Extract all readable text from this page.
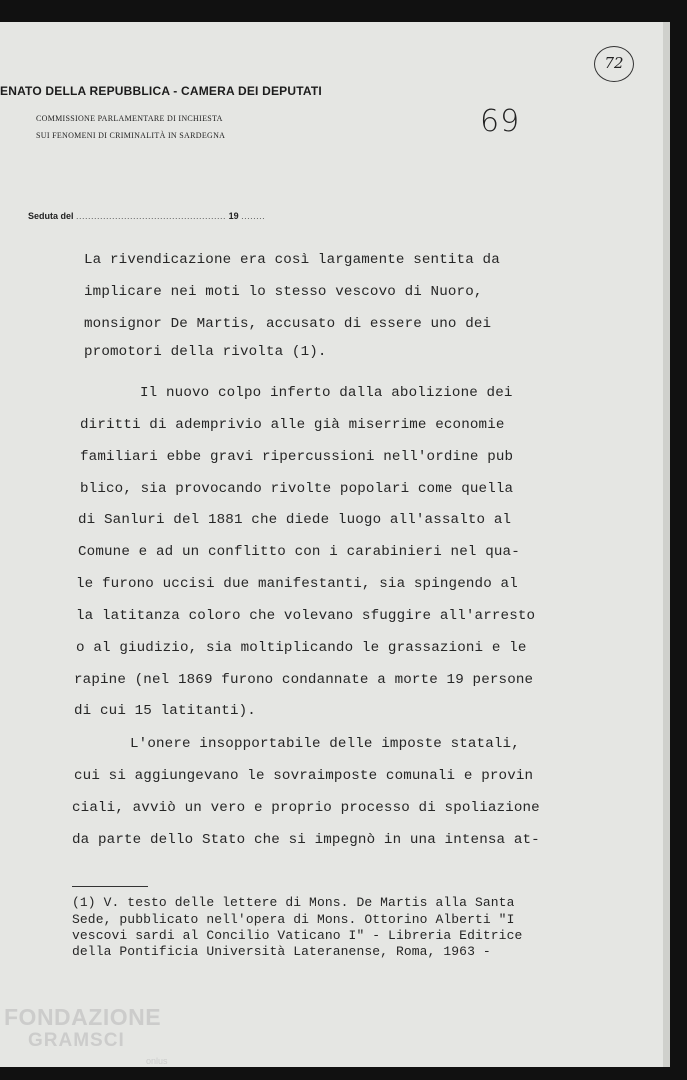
ENATO DELLA REPUBBLICA - CAMERA DEI DEPUTATI
COMMISSIONE PARLAMENTARE DI INCHIESTA
SUI FENOMENI DI CRIMINALITÀ IN SARDEGNA	69
72
Seduta del .................................................. 19 ........
La rivendicazione era così largamente sentita da
implicare nei moti lo stesso vescovo di Nuoro,
monsignor De Martis, accusato di essere uno dei
promotori della rivolta (1).
Il nuovo colpo inferto dalla abolizione dei
diritti di ademprivio alle già miserrime economie
familiari ebbe gravi ripercussioni nell'ordine pub
blico, sia provocando rivolte popolari come quella
di Sanluri del 1881 che diede luogo all'assalto al
Comune e ad un conflitto con i carabinieri nel qua-
le furono uccisi due manifestanti, sia spingendo al
la latitanza coloro che volevano sfuggire all'arresto
o al giudizio, sia moltiplicando le grassazioni e le
rapine (nel 1869 furono condannate a morte 19 persone
di cui 15 latitanti).
L'onere insopportabile delle imposte statali,
cui si aggiungevano le sovraimposte comunali e provin
ciali, avviò un vero e proprio processo di spoliazione
da parte dello Stato che si impegnò in una intensa at-
(1) V. testo delle lettere di Mons. De Martis alla Santa
Sede, pubblicato nell'opera di Mons. Ottorino Alberti "I
vescovi sardi al Concilio Vaticano I" - Libreria Editrice
della Pontificia Università Lateranense, Roma, 1963 -
FONDAZIONE
GRAMSCI
onlus
